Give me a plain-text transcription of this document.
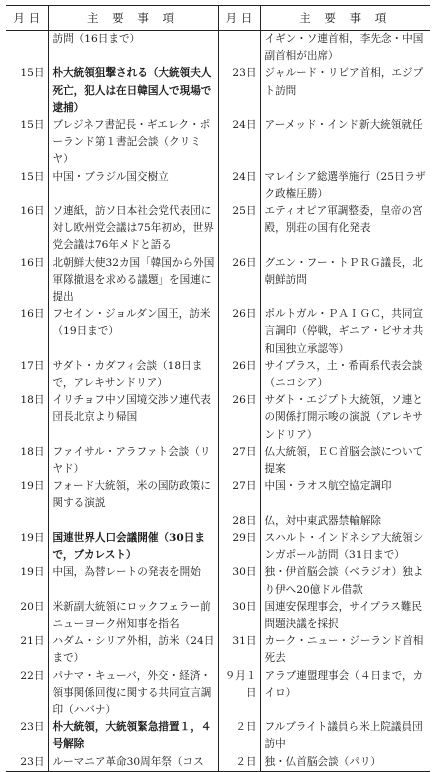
月 日	主 要 事 項	月 日	主 要 事 項
	訪問（16日まで）		イギン・ソ連首相，李先念・中国副首相が出席）
15日	朴大統領狙撃される（大統領夫人死亡，犯人は在日韓国人で現場で逮捕）	23日	ジャルード・リビア首相，エジプト訪問
15日	ブレジネフ書記長・ギエレク・ポーランド第１書記会談（クリミヤ）	24日	アーメッド・インド新大統領就任
15日	中国・ブラジル国交樹立	24日	マレイシア総選挙施行（25日ラザク政権圧勝）
16日	ソ連紙，訪ソ日本社会党代表団に対し欧州党会議は75年初め，世界党会議は76年メドと語る	25日	エティオピア軍調整委，皇帝の宮殿，別荘の国有化発表
16日	北朝鮮大使32カ国「韓国から外国軍隊撤退を求める議題」を国連に提出	26日	グエン・フー・トＰＲＧ議長，北朝鮮訪問
16日	フセイン・ジョルダン国王，訪米（19日まで）	26日	ポルトガル・ＰＡＩＧＣ，共同宣言調印（停戦，ギニア・ビサオ共和国独立承認等）
17日	サダト・カダフィ会談（18日まで，アレキサンドリア）	26日	サイプラス，土・希両系代表会談（ニコシア）
18日	イリチョフ中ソ国境交渉ソ連代表団長北京より帰国	26日	サダト・エジプト大統領，ソ連との関係打開示唆の演説（アレキサンドリア）
18日	ファイサル・アラファト会談（リヤド）	27日	仏大統領，ＥＣ首脳会談について提案
19日	フォード大統領，米の国防政策に関する演説	27日	中国・ラオス航空協定調印
		28日	仏，対中東武器禁輸解除
19日	国連世界人口会議開催（30日まで，ブカレスト）	29日	スハルト・インドネシア大統領シンガポール訪問（31日まで）
19日	中国，為替レートの発表を開始	30日	独・伊首脳会談（ベラジオ）独より伊へ20億ドル借款
20日	米新副大統領にロックフェラー前ニューヨーク州知事を指名	30日	国連安保理事会，サイプラス難民問題決議を採択
21日	ハダム・シリア外相，訪米（24日まで）	31日	カーク・ニュー・ジーランド首相死去
22日	パナマ・キューバ，外交・経済・領事関係回復に関する共同宣言調印（ハバナ）	９月１日	アラブ連盟理事会（４日まで，カイロ）
23日	朴大統領，大統領緊急措置１，４号解除	２日	フルブライト議員ら米上院議員団訪中
23日	ルーマニア革命30周年祭（コス	２日	独・仏首脳会談（パリ）
